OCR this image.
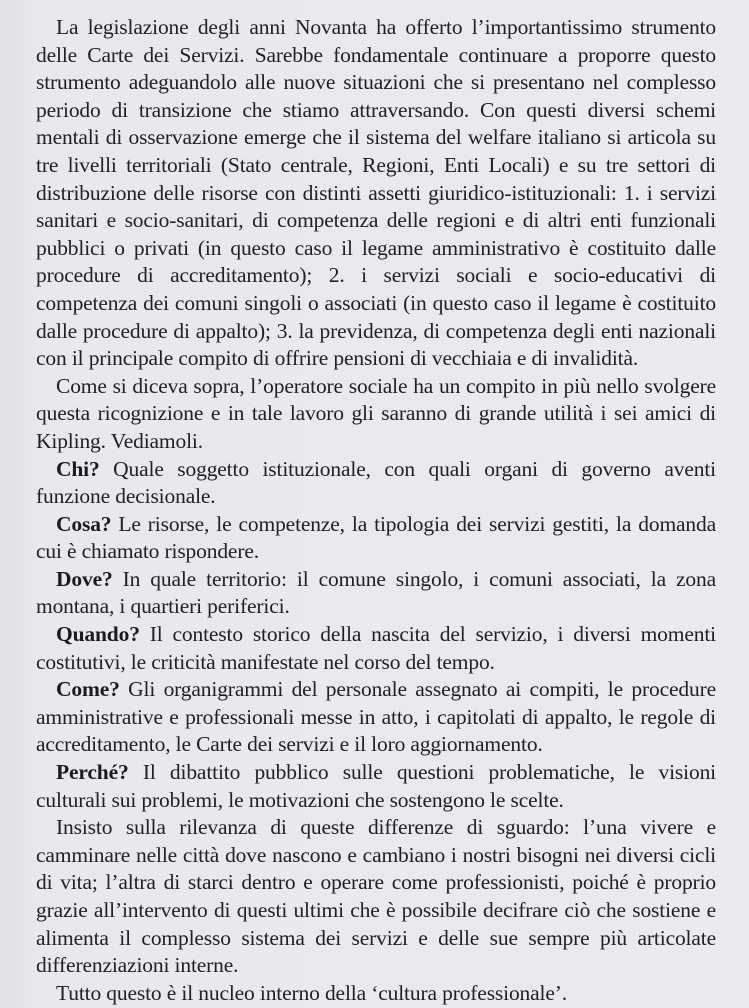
La legislazione degli anni Novanta ha offerto l’importantissimo strumento delle Carte dei Servizi. Sarebbe fondamentale continuare a proporre questo strumento adeguandolo alle nuove situazioni che si presentano nel complesso periodo di transizione che stiamo attraversando. Con questi diversi schemi mentali di osservazione emerge che il sistema del welfare italiano si articola su tre livelli territoriali (Stato centrale, Regioni, Enti Locali) e su tre settori di distribuzione delle risorse con distinti assetti giuridico-istituzionali: 1. i servizi sanitari e socio-sanitari, di competenza delle regioni e di altri enti funzionali pubblici o privati (in questo caso il legame amministrativo è costituito dalle procedure di accreditamento); 2. i servizi sociali e socio-educativi di competenza dei comuni singoli o associati (in questo caso il legame è costituito dalle procedure di appalto); 3. la previdenza, di competenza degli enti nazionali con il principale compito di offrire pensioni di vecchiaia e di invalidità.

Come si diceva sopra, l’operatore sociale ha un compito in più nello svolgere questa ricognizione e in tale lavoro gli saranno di grande utilità i sei amici di Kipling. Vediamoli.

Chi? Quale soggetto istituzionale, con quali organi di governo aventi funzione decisionale.

Cosa? Le risorse, le competenze, la tipologia dei servizi gestiti, la domanda cui è chiamato rispondere.

Dove? In quale territorio: il comune singolo, i comuni associati, la zona montana, i quartieri periferici.

Quando? Il contesto storico della nascita del servizio, i diversi momenti costitutivi, le criticità manifestate nel corso del tempo.

Come? Gli organigrammi del personale assegnato ai compiti, le procedure amministrative e professionali messe in atto, i capitolati di appalto, le regole di accreditamento, le Carte dei servizi e il loro aggiornamento.

Perché? Il dibattito pubblico sulle questioni problematiche, le visioni culturali sui problemi, le motivazioni che sostengono le scelte.

Insisto sulla rilevanza di queste differenze di sguardo: l’una vivere e camminare nelle città dove nascono e cambiano i nostri bisogni nei diversi cicli di vita; l’altra di starci dentro e operare come professionisti, poiché è proprio grazie all’intervento di questi ultimi che è possibile decifrare ciò che sostiene e alimenta il complesso sistema dei servizi e delle sue sempre più articolate differenziazioni interne.

Tutto questo è il nucleo interno della ‘cultura professionale’.
